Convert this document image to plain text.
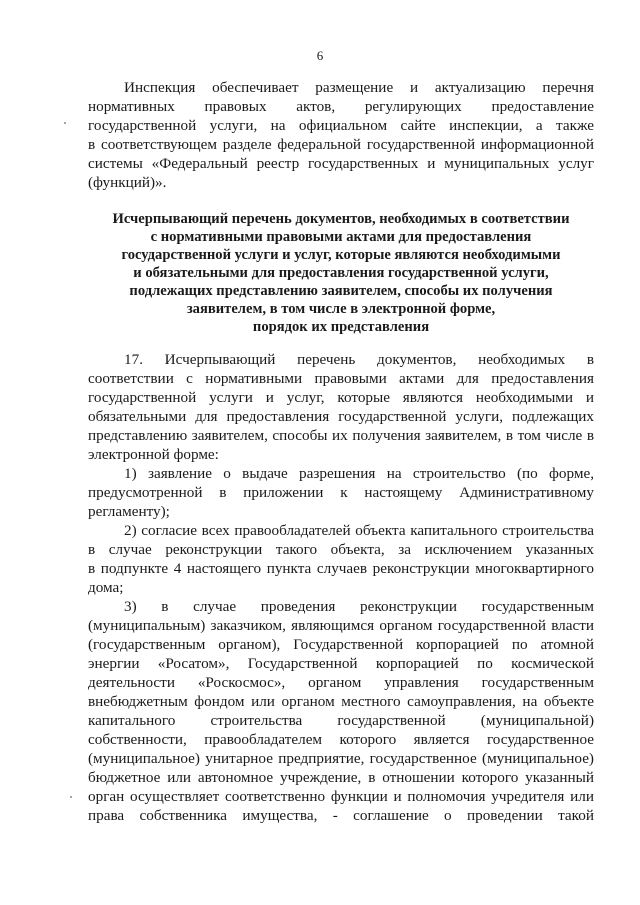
6
Инспекция обеспечивает размещение и актуализацию перечня
нормативных правовых актов, регулирующих предоставление
государственной услуги, на официальном сайте инспекции, а также
в соответствующем разделе федеральной государственной информационной
системы «Федеральный реестр государственных и муниципальных услуг
(функций)».
Исчерпывающий перечень документов, необходимых в соответствии
с нормативными правовыми актами для предоставления
государственной услуги и услуг, которые являются необходимыми
и обязательными для предоставления государственной услуги,
подлежащих представлению заявителем, способы их получения
заявителем, в том числе в электронной форме,
порядок их представления
17. Исчерпывающий перечень документов, необходимых в
соответствии с нормативными правовыми актами для предоставления
государственной услуги и услуг, которые являются необходимыми и
обязательными для предоставления государственной услуги, подлежащих
представлению заявителем, способы их получения заявителем, в том числе в
электронной форме:
1) заявление о выдаче разрешения на строительство (по форме,
предусмотренной в приложении к настоящему Административному
регламенту);
2) согласие всех правообладателей объекта капитального строительства
в случае реконструкции такого объекта, за исключением указанных
в подпункте 4 настоящего пункта случаев реконструкции многоквартирного
дома;
3) в случае проведения реконструкции государственным
(муниципальным) заказчиком, являющимся органом государственной власти
(государственным органом), Государственной корпорацией по атомной
энергии «Росатом», Государственной корпорацией по космической
деятельности «Роскосмос», органом управления государственным
внебюджетным фондом или органом местного самоуправления, на объекте
капитального строительства государственной (муниципальной)
собственности, правообладателем которого является государственное
(муниципальное) унитарное предприятие, государственное (муниципальное)
бюджетное или автономное учреждение, в отношении которого указанный
орган осуществляет соответственно функции и полномочия учредителя или
права собственника имущества, - соглашение о проведении такой
